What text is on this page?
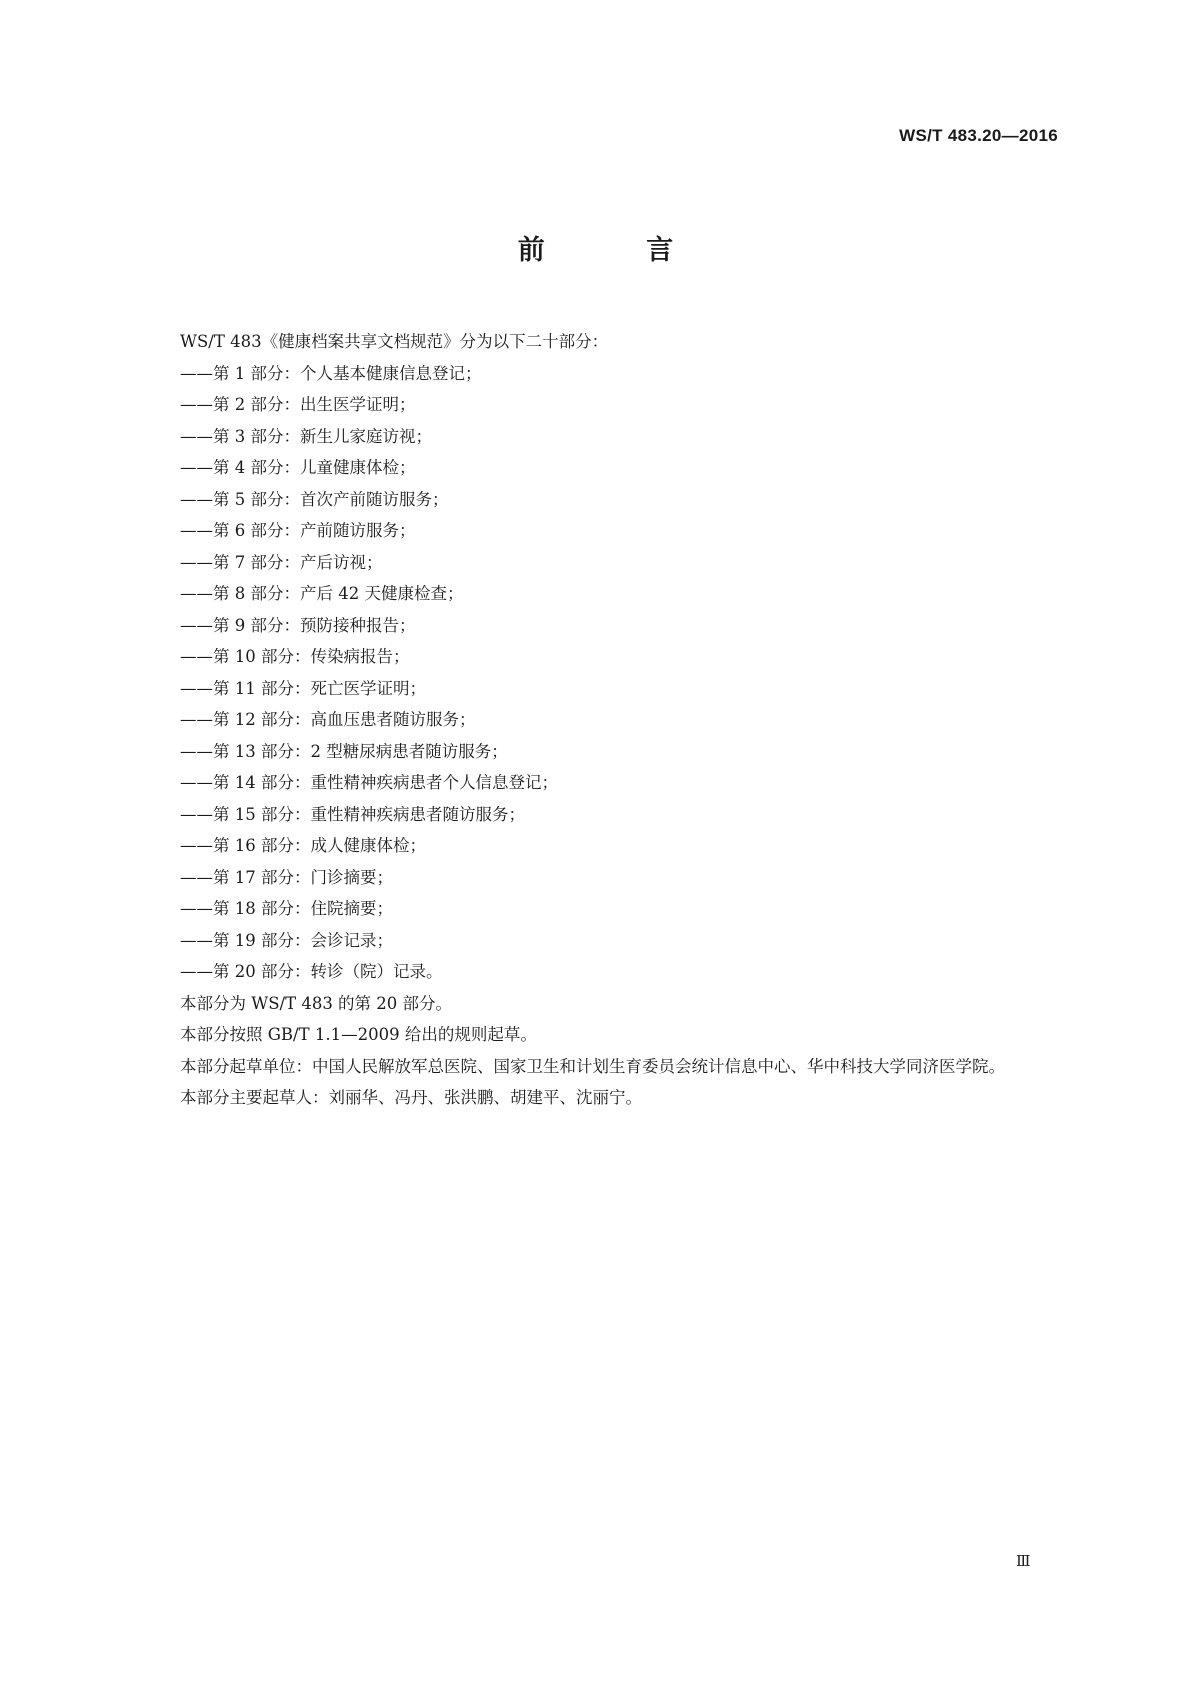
WS/T 483.20—2016
前 言

WS/T 483《健康档案共享文档规范》分为以下二十部分：

——第 1 部分：个人基本健康信息登记；
——第 2 部分：出生医学证明；
——第 3 部分：新生儿家庭访视；
——第 4 部分：儿童健康体检；
——第 5 部分：首次产前随访服务；
——第 6 部分：产前随访服务；
——第 7 部分：产后访视；
——第 8 部分：产后 42 天健康检查；
——第 9 部分：预防接种报告；
——第 10 部分：传染病报告；
——第 11 部分：死亡医学证明；
——第 12 部分：高血压患者随访服务；
——第 13 部分：2 型糖尿病患者随访服务；
——第 14 部分：重性精神疾病患者个人信息登记；
——第 15 部分：重性精神疾病患者随访服务；
——第 16 部分：成人健康体检；
——第 17 部分：门诊摘要；
——第 18 部分：住院摘要；
——第 19 部分：会诊记录；
——第 20 部分：转诊（院）记录。

本部分为 WS/T 483 的第 20 部分。

本部分按照 GB/T 1.1—2009 给出的规则起草。

本部分起草单位：中国人民解放军总医院、国家卫生和计划生育委员会统计信息中心、华中科技大学同济医学院。

本部分主要起草人：刘丽华、冯丹、张洪鹏、胡建平、沈丽宁。

Ⅲ
